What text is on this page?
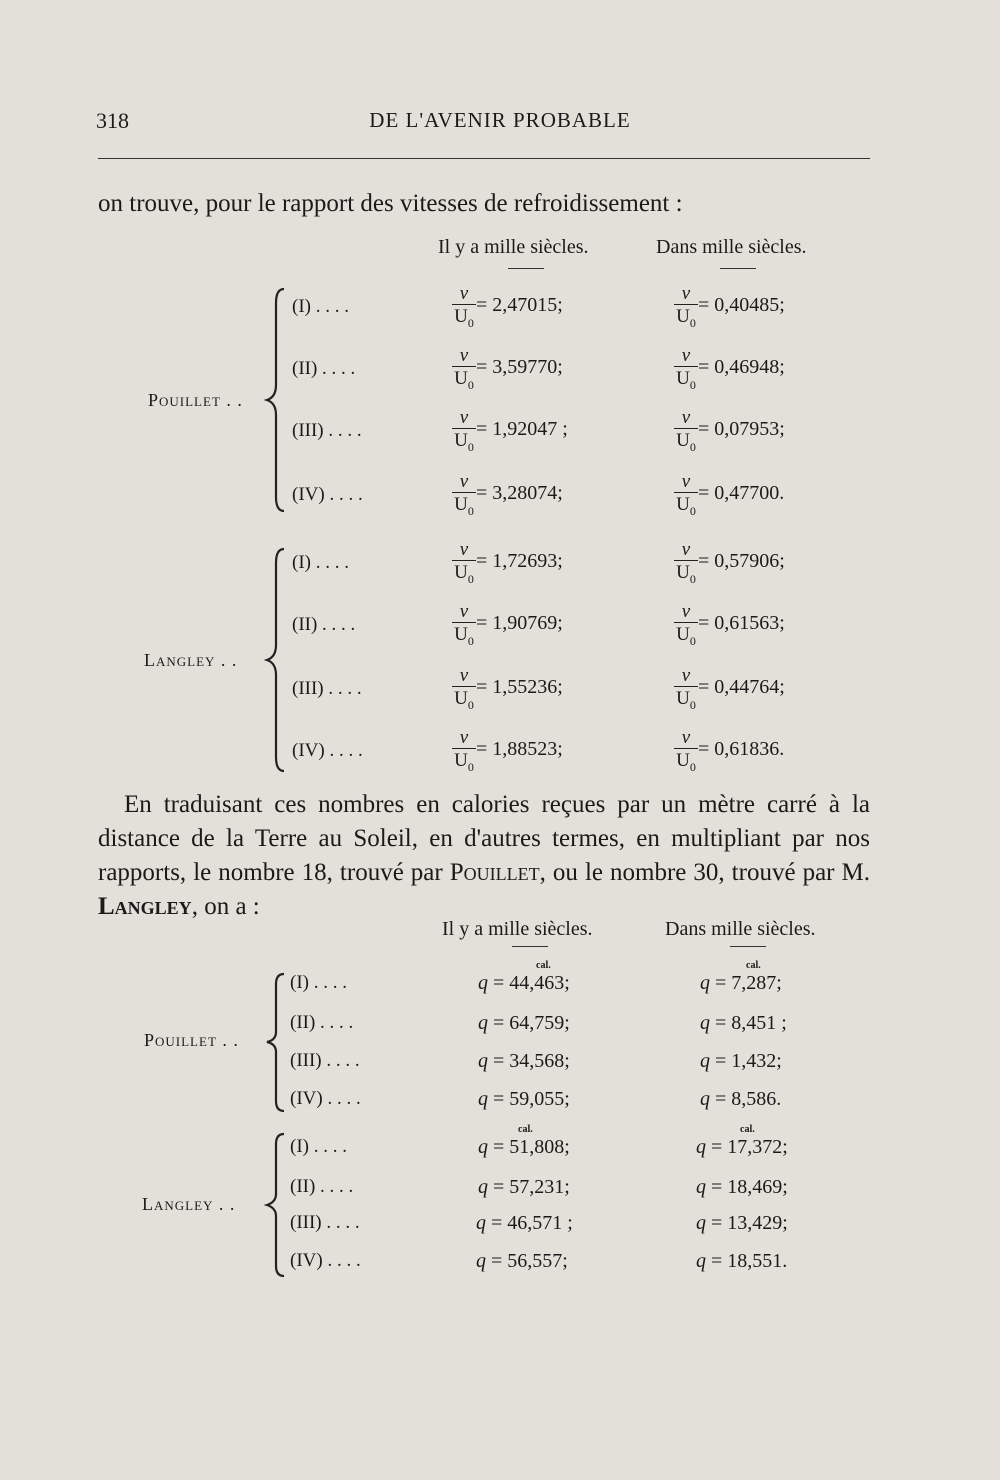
318	DE L'AVENIR PROBABLE
on trouve, pour le rapport des vitesses de refroidissement :
Il y a mille siècles.	Dans mille siècles.
Pouillet . .
Langley . .
(I) . . . .	$\frac{v}{U_0} = 2,47015$;	$\frac{v}{U_0} = 0,40485$;
(II) . . . .	$\frac{v}{U_0} = 3,59770$;	$\frac{v}{U_0} = 0,46948$;
(III) . . . .	$\frac{v}{U_0} = 1,92047$ ;	$\frac{v}{U_0} = 0,07953$;
(IV) . . . .	$\frac{v}{U_0} = 3,28074$;	$\frac{v}{U_0} = 0,47700$.
(I) . . . .	$\frac{v}{U_0} = 1,72693$;	$\frac{v}{U_0} = 0,57906$;
(II) . . . .	$\frac{v}{U_0} = 1,90769$;	$\frac{v}{U_0} = 0,61563$;
(III) . . . .	$\frac{v}{U_0} = 1,55236$;	$\frac{v}{U_0} = 0,44764$;
(IV) . . . .	$\frac{v}{U_0} = 1,88523$;	$\frac{v}{U_0} = 0,61836$.
En traduisant ces nombres en calories reçues par un mètre carré à la distance de la Terre au Soleil, en d'autres termes, en multipliant par nos rapports, le nombre 18, trouvé par Pouillet, ou le nombre 30, trouvé par M. Langley, on a :
Il y a mille siècles.	Dans mille siècles.
Pouillet . .
Langley . .
cal.	cal.
cal.	cal.
(I) . . . .	q = 44,463;	q = 7,287;
(II) . . . .	q = 64,759;	q = 8,451 ;
(III) . . . .	q = 34,568;	q = 1,432;
(IV) . . . .	q = 59,055;	q = 8,586.
(I) . . . .	q = 51,808;	q = 17,372;
(II) . . . .	q = 57,231;	q = 18,469;
(III) . . . .	q = 46,571 ;	q = 13,429;
(IV) . . . .	q = 56,557;	q = 18,551.
